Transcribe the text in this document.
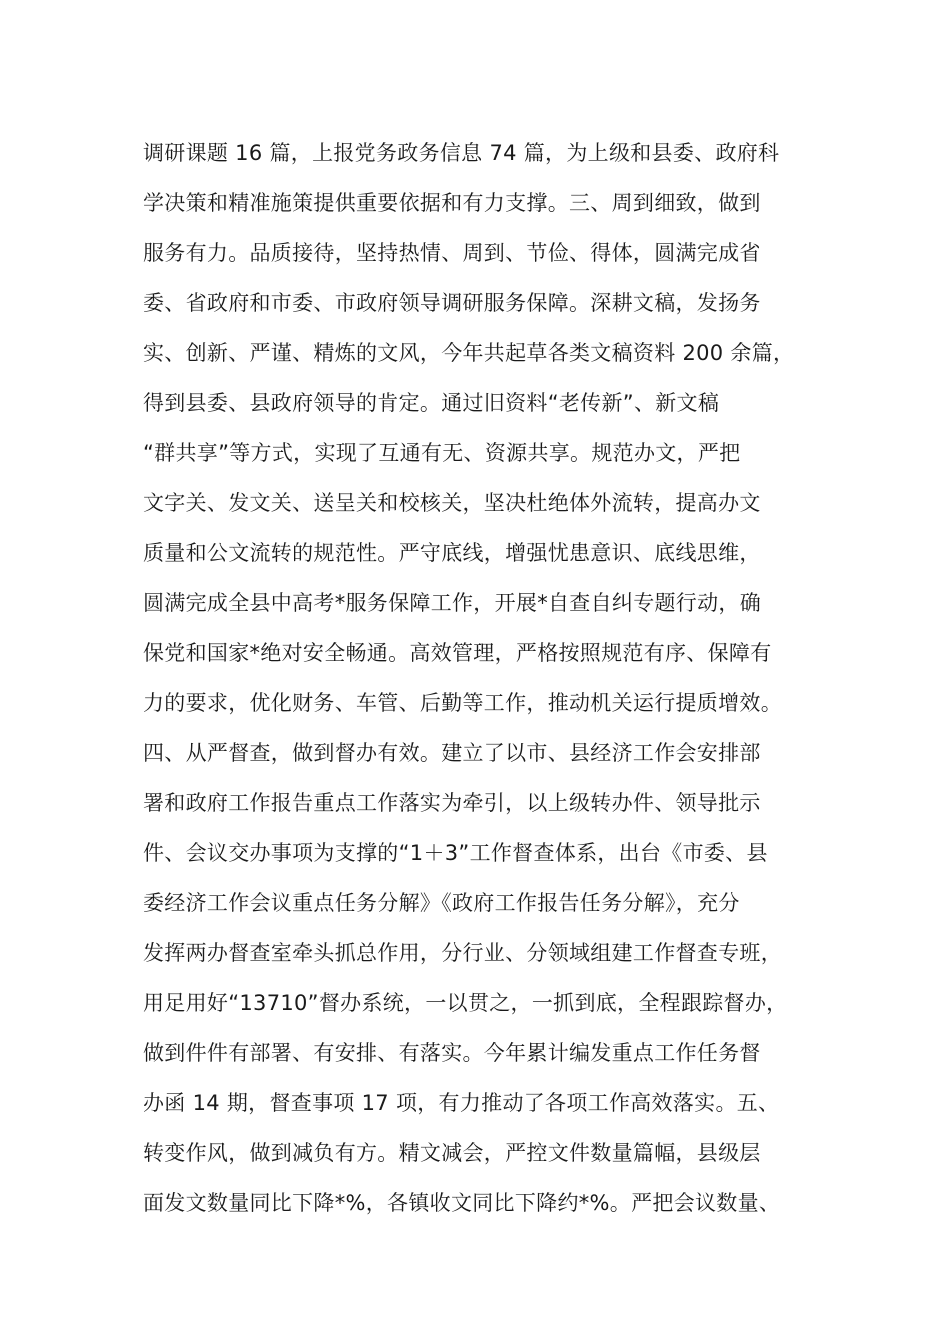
调研课题 16 篇，上报党务政务信息 74 篇，为上级和县委、政府科
学决策和精准施策提供重要依据和有力支撑。三、周到细致，做到
服务有力。品质接待，坚持热情、周到、节俭、得体，圆满完成省
委、省政府和市委、市政府领导调研服务保障。深耕文稿，发扬务
实、创新、严谨、精炼的文风，今年共起草各类文稿资料 200 余篇，
得到县委、县政府领导的肯定。通过旧资料“老传新”、新文稿
“群共享”等方式，实现了互通有无、资源共享。规范办文，严把
文字关、发文关、送呈关和校核关，坚决杜绝体外流转，提高办文
质量和公文流转的规范性。严守底线，增强忧患意识、底线思维，
圆满完成全县中高考*服务保障工作，开展*自查自纠专题行动，确
保党和国家*绝对安全畅通。高效管理，严格按照规范有序、保障有
力的要求，优化财务、车管、后勤等工作，推动机关运行提质增效。
四、从严督查，做到督办有效。建立了以市、县经济工作会安排部
署和政府工作报告重点工作落实为牵引，以上级转办件、领导批示
件、会议交办事项为支撑的“1＋3”工作督查体系，出台《市委、县
委经济工作会议重点任务分解》《政府工作报告任务分解》，充分
发挥两办督查室牵头抓总作用，分行业、分领域组建工作督查专班，
用足用好“13710”督办系统，一以贯之，一抓到底，全程跟踪督办，
做到件件有部署、有安排、有落实。今年累计编发重点工作任务督
办函 14 期，督查事项 17 项，有力推动了各项工作高效落实。五、
转变作风，做到减负有方。精文减会，严控文件数量篇幅，县级层
面发文数量同比下降*%，各镇收文同比下降约*%。严把会议数量、
